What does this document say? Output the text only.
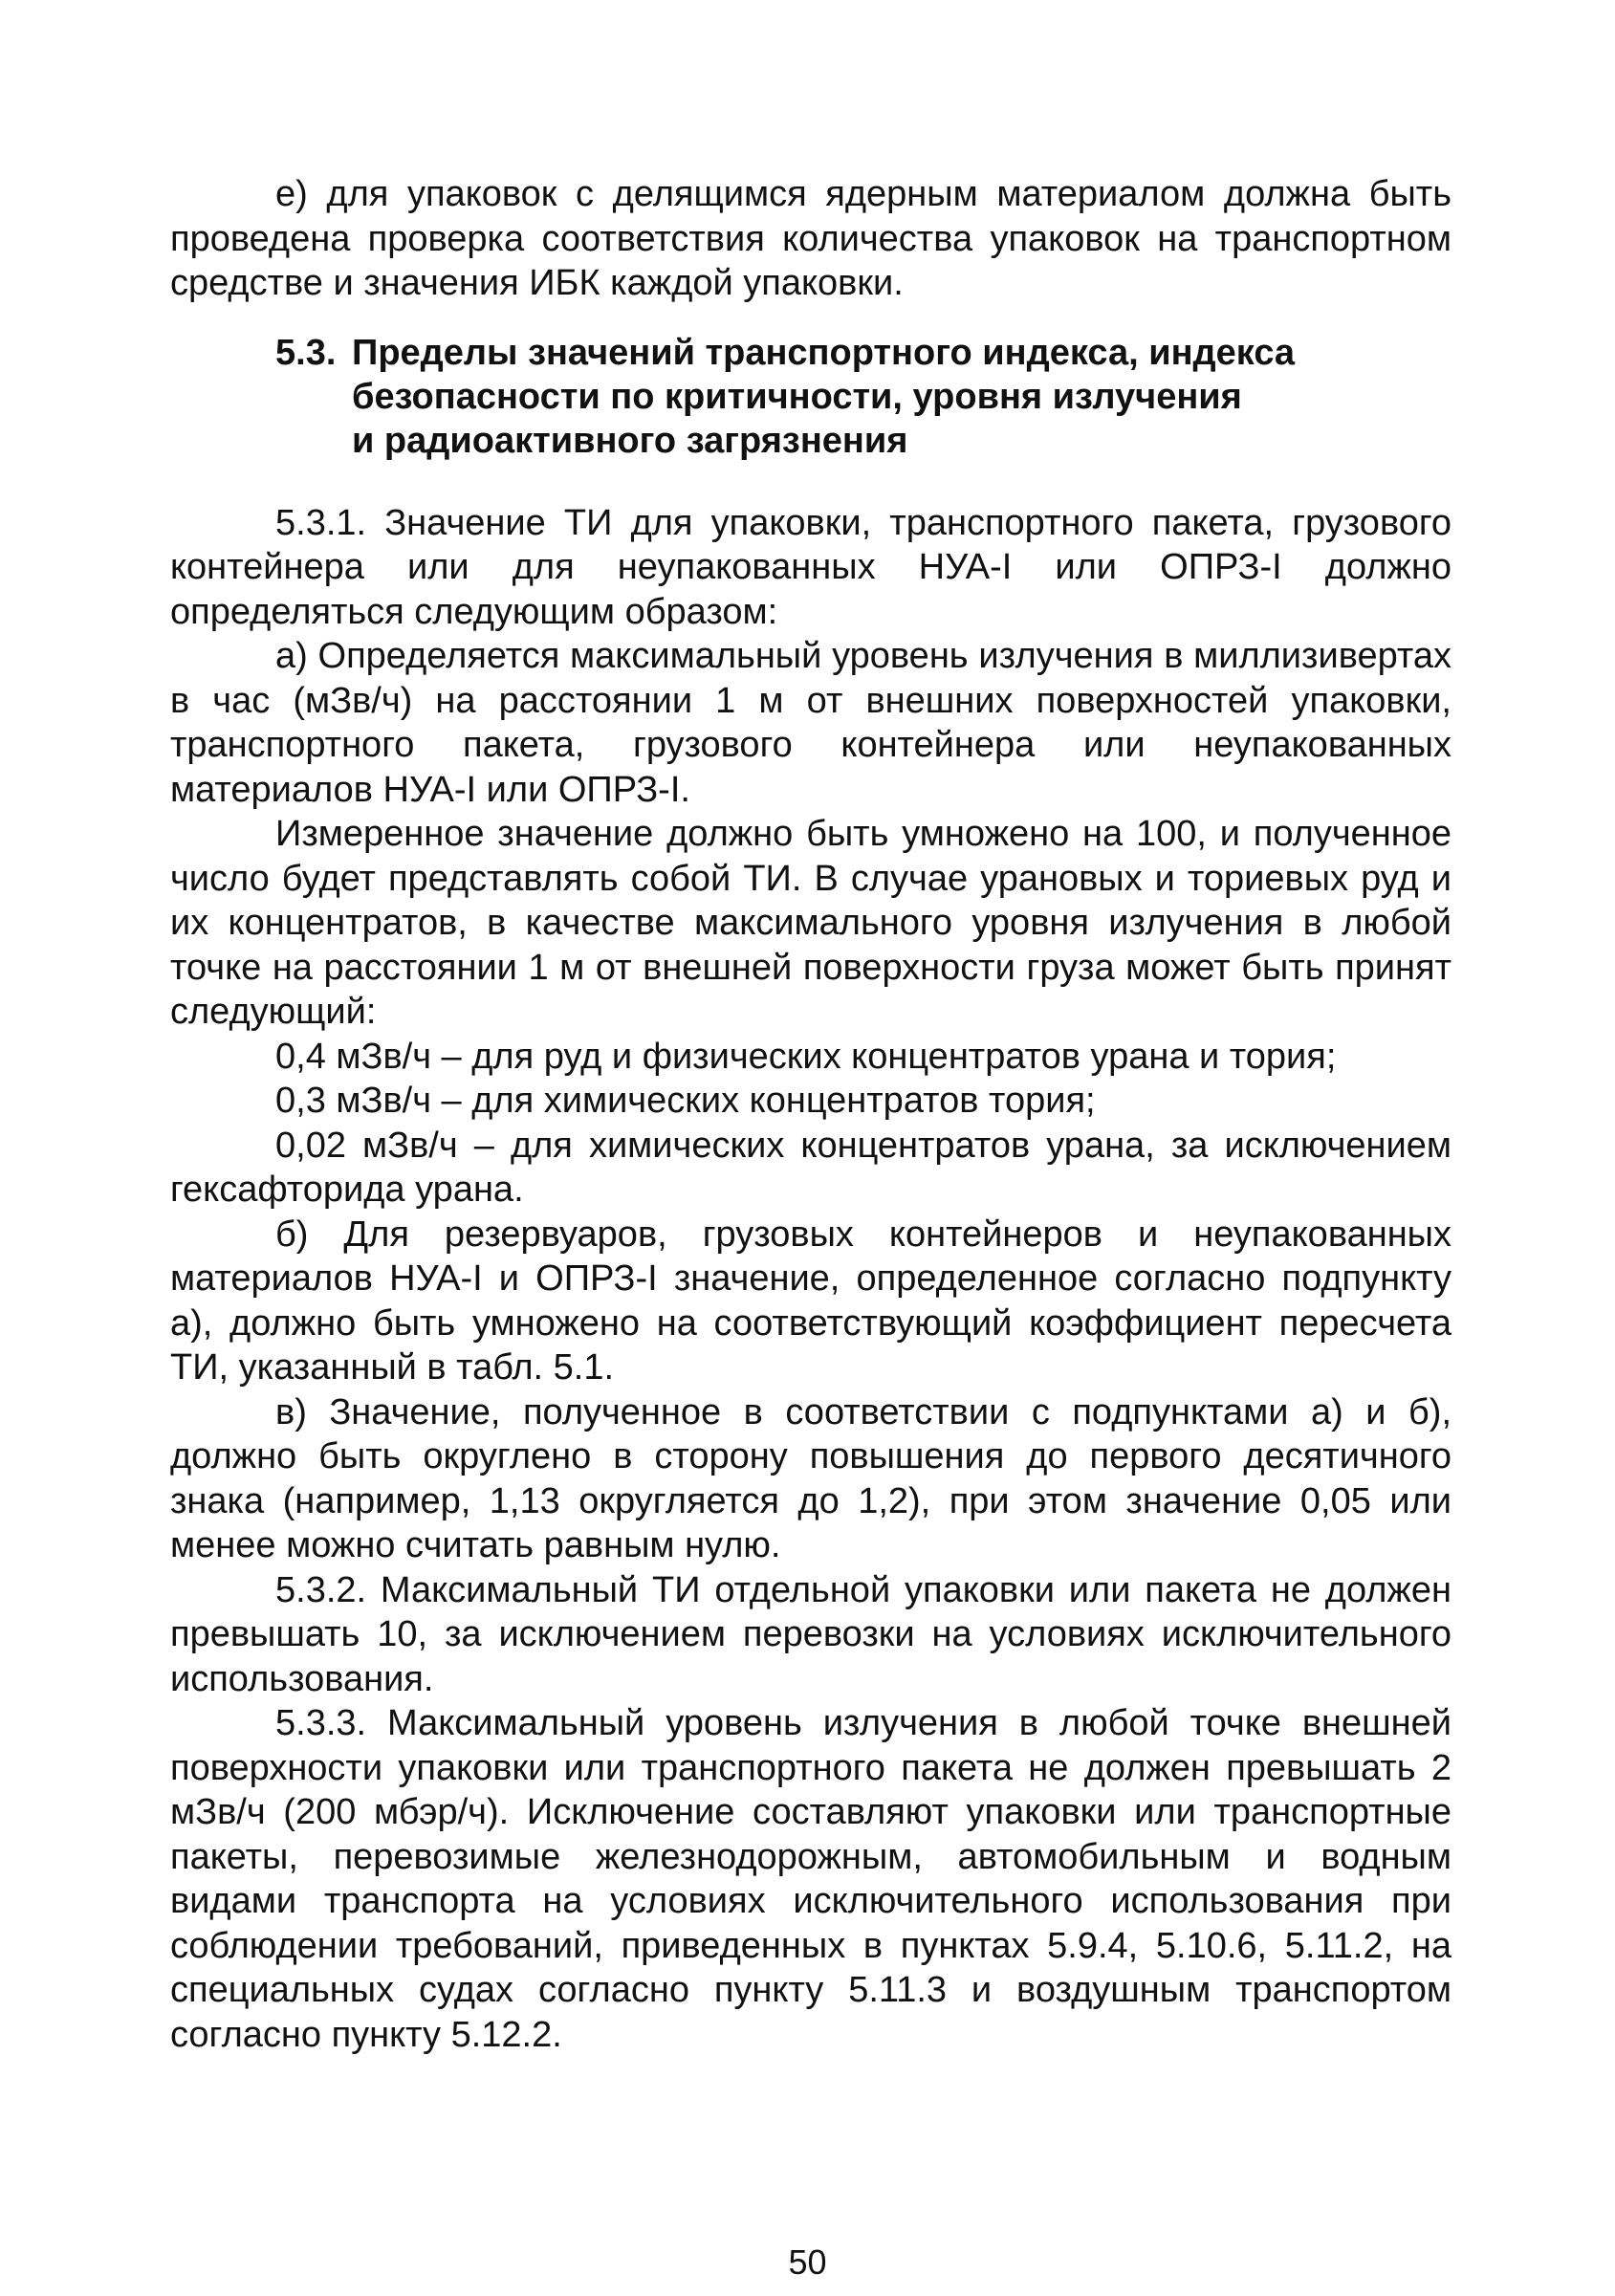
е) для упаковок с делящимся ядерным материалом должна быть проведена проверка соответствия количества упаковок на транспортном средстве и значения ИБК каждой упаковки.

5.3. Пределы значений транспортного индекса, индекса
безопасности по критичности, уровня излучения
и радиоактивного загрязнения

5.3.1. Значение ТИ для упаковки, транспортного пакета, грузового контейнера или для неупакованных НУА-I или ОПРЗ-I должно определяться следующим образом:

а) Определяется максимальный уровень излучения в миллизивертах в час (мЗв/ч) на расстоянии 1 м от внешних поверхностей упаковки, транспортного пакета, грузового контейнера или неупакованных материалов НУА-I или ОПРЗ-I.

Измеренное значение должно быть умножено на 100, и полученное число будет представлять собой ТИ. В случае урановых и ториевых руд и их концентратов, в качестве максимального уровня излучения в любой точке на расстоянии 1 м от внешней поверхности груза может быть принят следующий:

0,4 мЗв/ч – для руд и физических концентратов урана и тория;

0,3 мЗв/ч – для химических концентратов тория;

0,02 мЗв/ч – для химических концентратов урана, за исключением гексафторида урана.

б) Для резервуаров, грузовых контейнеров и неупакованных материалов НУА-I и ОПРЗ-I значение, определенное согласно подпункту а), должно быть умножено на соответствующий коэффициент пересчета ТИ, указанный в табл. 5.1.

в) Значение, полученное в соответствии с подпунктами а) и б), должно быть округлено в сторону повышения до первого десятичного знака (например, 1,13 округляется до 1,2), при этом значение 0,05 или менее можно считать равным нулю.

5.3.2. Максимальный ТИ отдельной упаковки или пакета не должен превышать 10, за исключением перевозки на условиях исключительного использования.

5.3.3. Максимальный уровень излучения в любой точке внешней поверхности упаковки или транспортного пакета не должен превышать 2 мЗв/ч (200 мбэр/ч). Исключение составляют упаковки или транспортные пакеты, перевозимые железнодорожным, автомобильным и водным видами транспорта на условиях исключительного использования при соблюдении требований, приведенных в пунктах 5.9.4, 5.10.6, 5.11.2, на специальных судах согласно пункту 5.11.3 и воздушным транспортом согласно пункту 5.12.2.

50
